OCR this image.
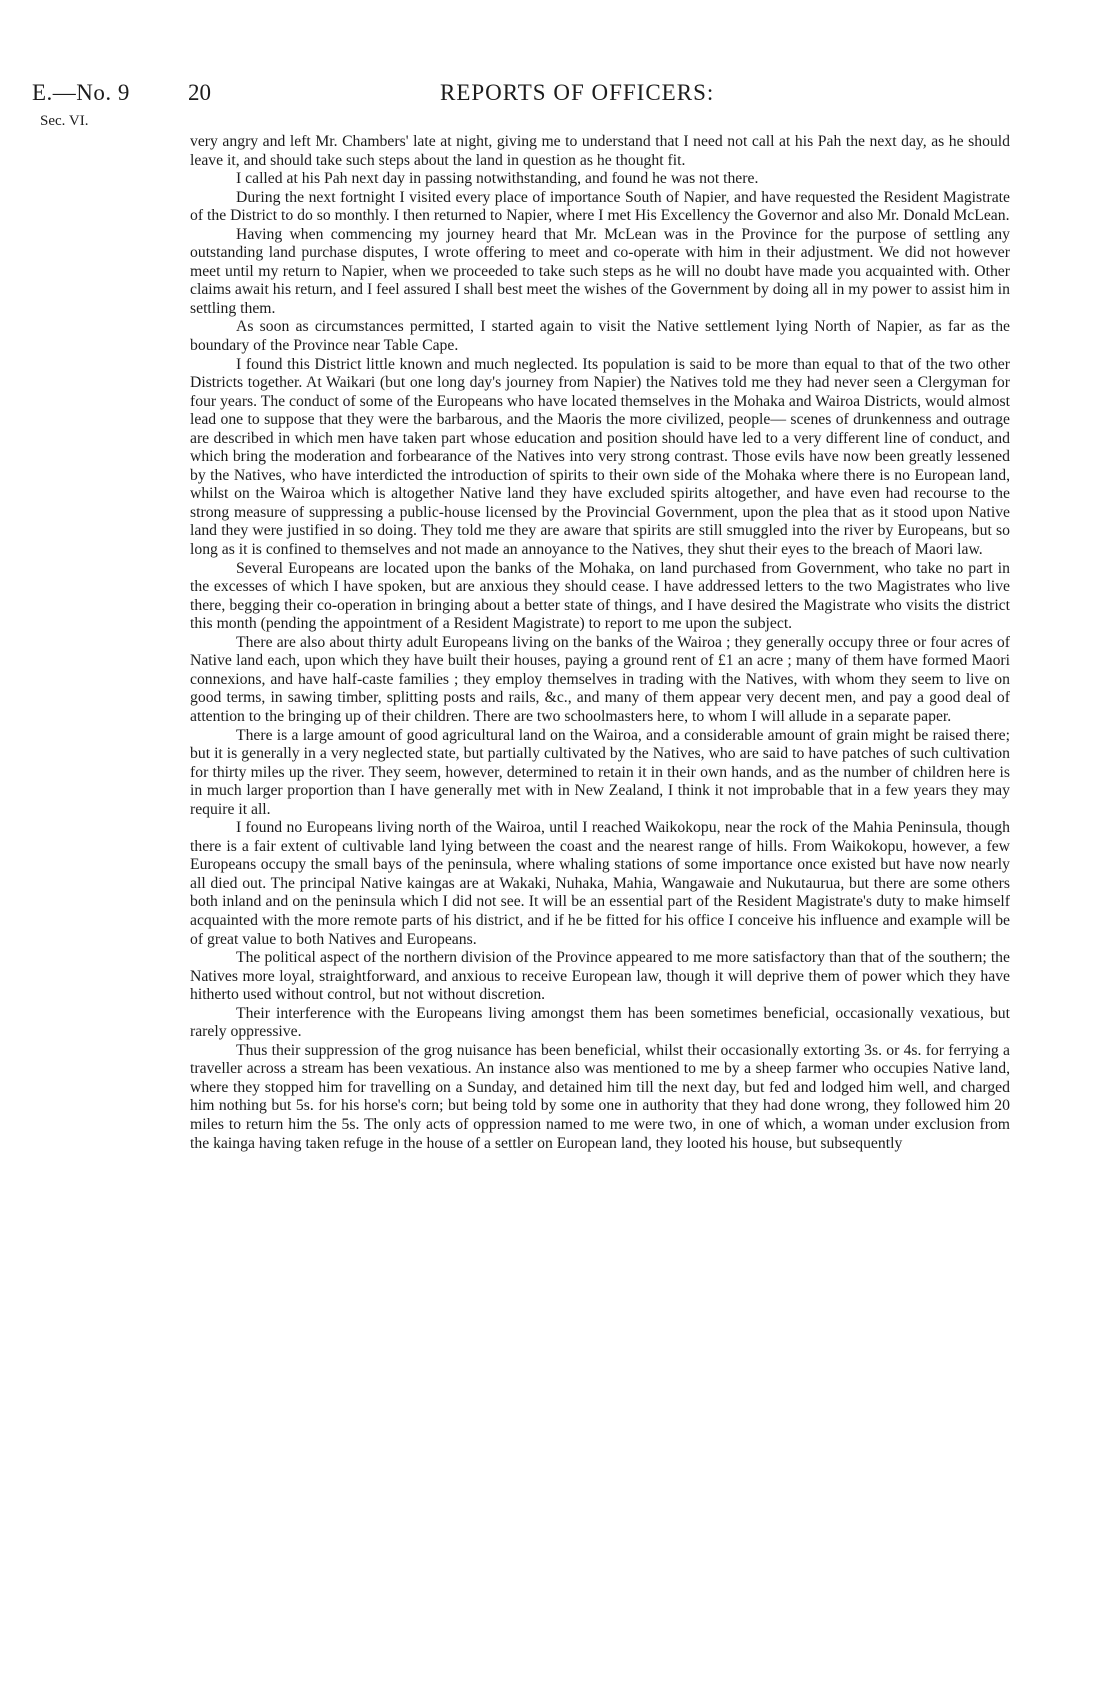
E.—No. 9
Sec. VI.
20	REPORTS OF OFFICERS:

very angry and left Mr. Chambers' late at night, giving me to understand that I need not call at his Pah the next day, as he should leave it, and should take such steps about the land in question as he thought fit.

I called at his Pah next day in passing notwithstanding, and found he was not there.

During the next fortnight I visited every place of importance South of Napier, and have requested the Resident Magistrate of the District to do so monthly. I then returned to Napier, where I met His Excellency the Governor and also Mr. Donald McLean.

Having when commencing my journey heard that Mr. McLean was in the Province for the purpose of settling any outstanding land purchase disputes, I wrote offering to meet and co-operate with him in their adjustment. We did not however meet until my return to Napier, when we proceeded to take such steps as he will no doubt have made you acquainted with. Other claims await his return, and I feel assured I shall best meet the wishes of the Government by doing all in my power to assist him in settling them.

As soon as circumstances permitted, I started again to visit the Native settlement lying North of Napier, as far as the boundary of the Province near Table Cape.

I found this District little known and much neglected. Its population is said to be more than equal to that of the two other Districts together. At Waikari (but one long day's journey from Napier) the Natives told me they had never seen a Clergyman for four years. The conduct of some of the Europeans who have located themselves in the Mohaka and Wairoa Districts, would almost lead one to suppose that they were the barbarous, and the Maoris the more civilized, people— scenes of drunkenness and outrage are described in which men have taken part whose education and position should have led to a very different line of conduct, and which bring the moderation and forbearance of the Natives into very strong contrast. Those evils have now been greatly lessened by the Natives, who have interdicted the introduction of spirits to their own side of the Mohaka where there is no European land, whilst on the Wairoa which is altogether Native land they have excluded spirits altogether, and have even had recourse to the strong measure of suppressing a public-house licensed by the Provincial Government, upon the plea that as it stood upon Native land they were justified in so doing. They told me they are aware that spirits are still smuggled into the river by Europeans, but so long as it is confined to themselves and not made an annoyance to the Natives, they shut their eyes to the breach of Maori law.

Several Europeans are located upon the banks of the Mohaka, on land purchased from Government, who take no part in the excesses of which I have spoken, but are anxious they should cease. I have addressed letters to the two Magistrates who live there, begging their co-operation in bringing about a better state of things, and I have desired the Magistrate who visits the district this month (pending the appointment of a Resident Magistrate) to report to me upon the subject.

There are also about thirty adult Europeans living on the banks of the Wairoa ; they generally occupy three or four acres of Native land each, upon which they have built their houses, paying a ground rent of £1 an acre ; many of them have formed Maori connexions, and have half-caste families ; they employ themselves in trading with the Natives, with whom they seem to live on good terms, in sawing timber, splitting posts and rails, &c., and many of them appear very decent men, and pay a good deal of attention to the bringing up of their children. There are two schoolmasters here, to whom I will allude in a separate paper.

There is a large amount of good agricultural land on the Wairoa, and a considerable amount of grain might be raised there; but it is generally in a very neglected state, but partially cultivated by the Natives, who are said to have patches of such cultivation for thirty miles up the river. They seem, however, determined to retain it in their own hands, and as the number of children here is in much larger proportion than I have generally met with in New Zealand, I think it not improbable that in a few years they may require it all.

I found no Europeans living north of the Wairoa, until I reached Waikokopu, near the rock of the Mahia Peninsula, though there is a fair extent of cultivable land lying between the coast and the nearest range of hills. From Waikokopu, however, a few Europeans occupy the small bays of the peninsula, where whaling stations of some importance once existed but have now nearly all died out. The principal Native kaingas are at Wakaki, Nuhaka, Mahia, Wangawaie and Nukutaurua, but there are some others both inland and on the peninsula which I did not see. It will be an essential part of the Resident Magistrate's duty to make himself acquainted with the more remote parts of his district, and if he be fitted for his office I conceive his influence and example will be of great value to both Natives and Europeans.

The political aspect of the northern division of the Province appeared to me more satisfactory than that of the southern; the Natives more loyal, straightforward, and anxious to receive European law, though it will deprive them of power which they have hitherto used without control, but not without discretion.

Their interference with the Europeans living amongst them has been sometimes beneficial, occasionally vexatious, but rarely oppressive.

Thus their suppression of the grog nuisance has been beneficial, whilst their occasionally extorting 3s. or 4s. for ferrying a traveller across a stream has been vexatious. An instance also was mentioned to me by a sheep farmer who occupies Native land, where they stopped him for travelling on a Sunday, and detained him till the next day, but fed and lodged him well, and charged him nothing but 5s. for his horse's corn; but being told by some one in authority that they had done wrong, they followed him 20 miles to return him the 5s. The only acts of oppression named to me were two, in one of which, a woman under exclusion from the kainga having taken refuge in the house of a settler on European land, they looted his house, but subsequently
